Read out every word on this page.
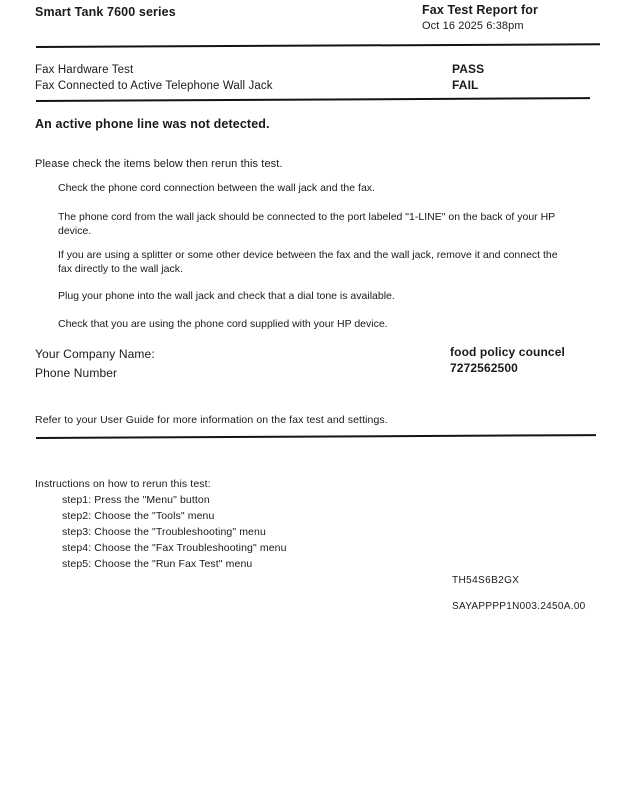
Smart Tank 7600 series	Fax Test Report for
Oct 16 2025 6:38pm
Fax Hardware Test
Fax Connected to Active Telephone Wall Jack
PASS
FAIL
An active phone line was not detected.
Please check the items below then rerun this test.
Check the phone cord connection between the wall jack and the fax.
The phone cord from the wall jack should be connected to the port labeled "1-LINE" on the back of your HP device.
If you are using a splitter or some other device between the fax and the wall jack, remove it and connect the fax directly to the wall jack.
Plug your phone into the wall jack and check that a dial tone is available.
Check that you are using the phone cord supplied with your HP device.
Your Company Name:
Phone Number
food policy councel
7272562500
Refer to your User Guide for more information on the fax test and settings.
Instructions on how to rerun this test:
step1: Press the "Menu" button
step2: Choose the "Tools" menu
step3: Choose the "Troubleshooting" menu
step4: Choose the "Fax Troubleshooting" menu
step5: Choose the "Run Fax Test" menu
TH54S6B2GX
SAYAPPPP1N003.2450A.00
